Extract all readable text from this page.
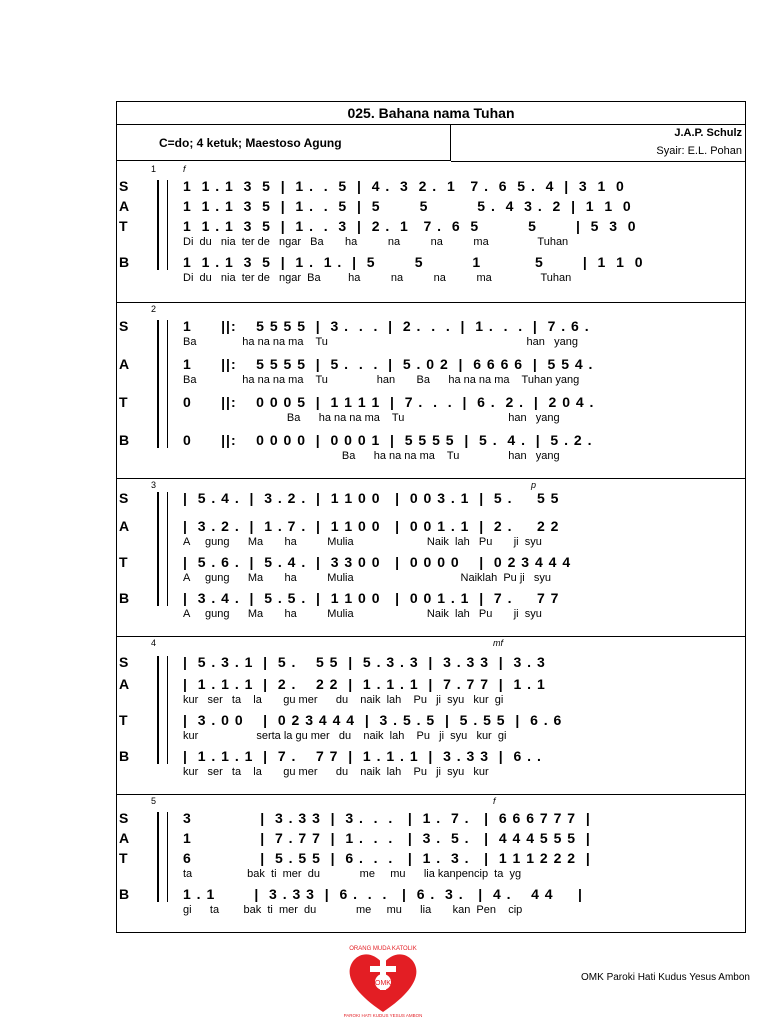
025. Bahana nama Tuhan
C=do; 4 ketuk; Maestoso Agung
J.A.P. Schulz
Syair: E.L. Pohan
1	f
S	1  1 . 1  3  5  |  1 .  .  5  |  4 .  3  2 .  1   7 .  6  5 .  4  |  3  1  0
A	1  1 . 1  3  5  |  1 .  .  5  |  5        5          5 .  4  3 .  2  |  1  1  0
T	1  1 . 1  3  5  |  1 .  .  3  |  2 .  1   7 .  6  5          5        |  5  3  0
Di  du   nia  ter de   ngar   Ba       ha          na          na          ma                Tuhan
B	1  1 . 1  3  5  |  1 .  1 .  |  5        5          1           5        |  1  1  0
Di  du   nia  ter de   ngar  Ba         ha          na          na          ma                Tuhan
2
S	1      ||:    5 5 5 5  |  3 .  .  .  |  2 .  .  .  |  1 .  .  .  |  7 . 6 .
Ba               ha na na ma    Tu                                                                 han   yang
A	1      ||:    5 5 5 5  |  5 .  .  .  |  5 . 0 2  |  6 6 6 6  |  5 5 4 .
Ba               ha na na ma    Tu                han       Ba      ha na na ma    Tuhan yang
T	0      ||:    0 0 0 5  |  1 1 1 1  |  7 .  .  .  |  6 .  2 .  |  2 0 4 .
Ba      ha na na ma    Tu                                  han   yang
B	0      ||:    0 0 0 0  |  0 0 0 1  |  5 5 5 5  |  5 .  4 .  |  5 . 2 .
Ba      ha na na ma    Tu                han   yang
3	p
S	|  5 . 4 .  |  3 . 2 .  |  1 1 0 0   |  0 0 3 . 1  |  5 .     5 5
A	|  3 . 2 .  |  1 . 7 .  |  1 1 0 0   |  0 0 1 . 1  |  2 .     2 2
A     gung      Ma       ha          Mulia                        Naik  lah   Pu       ji  syu
T	|  5 . 6 .  |  5 . 4 .  |  3 3 0 0   |  0 0 0 0    |  0 2 3 4 4 4
A     gung      Ma       ha          Mulia                                   Naiklah  Pu ji   syu
B	|  3 . 4 .  |  5 . 5 .  |  1 1 0 0   |  0 0 1 . 1  |  7 .     7 7
A     gung      Ma       ha          Mulia                        Naik  lah   Pu       ji  syu
4	mf
S	|  5 . 3 . 1  |  5 .    5 5  |  5 . 3 . 3  |  3 . 3 3  |  3 . 3
A	|  1 . 1 . 1  |  2 .    2 2  |  1 . 1 . 1  |  7 . 7 7  |  1 . 1
kur   ser   ta    la       gu mer      du    naik  lah    Pu   ji  syu   kur  gi
T	|  3 . 0 0    |  0 2 3 4 4 4  |  3 . 5 . 5  |  5 . 5 5  |  6 . 6
kur                   serta la gu mer   du    naik  lah    Pu   ji  syu   kur  gi
B	|  1 . 1 . 1  |  7 .    7 7  |  1 . 1 . 1  |  3 . 3 3  |  6 . .
kur   ser   ta    la       gu mer      du    naik  lah    Pu   ji  syu   kur
5	f
S	3              |  3 . 3 3  |  3 .  .  .   |  1 .  7 .   |  6 6 6 7 7 7  |
A	1              |  7 . 7 7  |  1 .  .  .   |  3 .  5 .   |  4 4 4 5 5 5  |
T	6              |  5 . 5 5  |  6 .  .  .   |  1 .  3 .   |  1 1 1 2 2 2  |
ta                  bak  ti  mer  du             me     mu      lia kanpencip  ta  yg
B	1 . 1        |  3 . 3 3  |  6 .  .  .   |  6 .  3 .   |  4 .    4 4     |
gi      ta        bak  ti  mer  du             me     mu      lia       kan  Pen    cip
OMK
ORANG MUDA KATOLIK
PAROKI HATI KUDUS YESUS AMBON
OMK Paroki Hati Kudus Yesus Ambon
